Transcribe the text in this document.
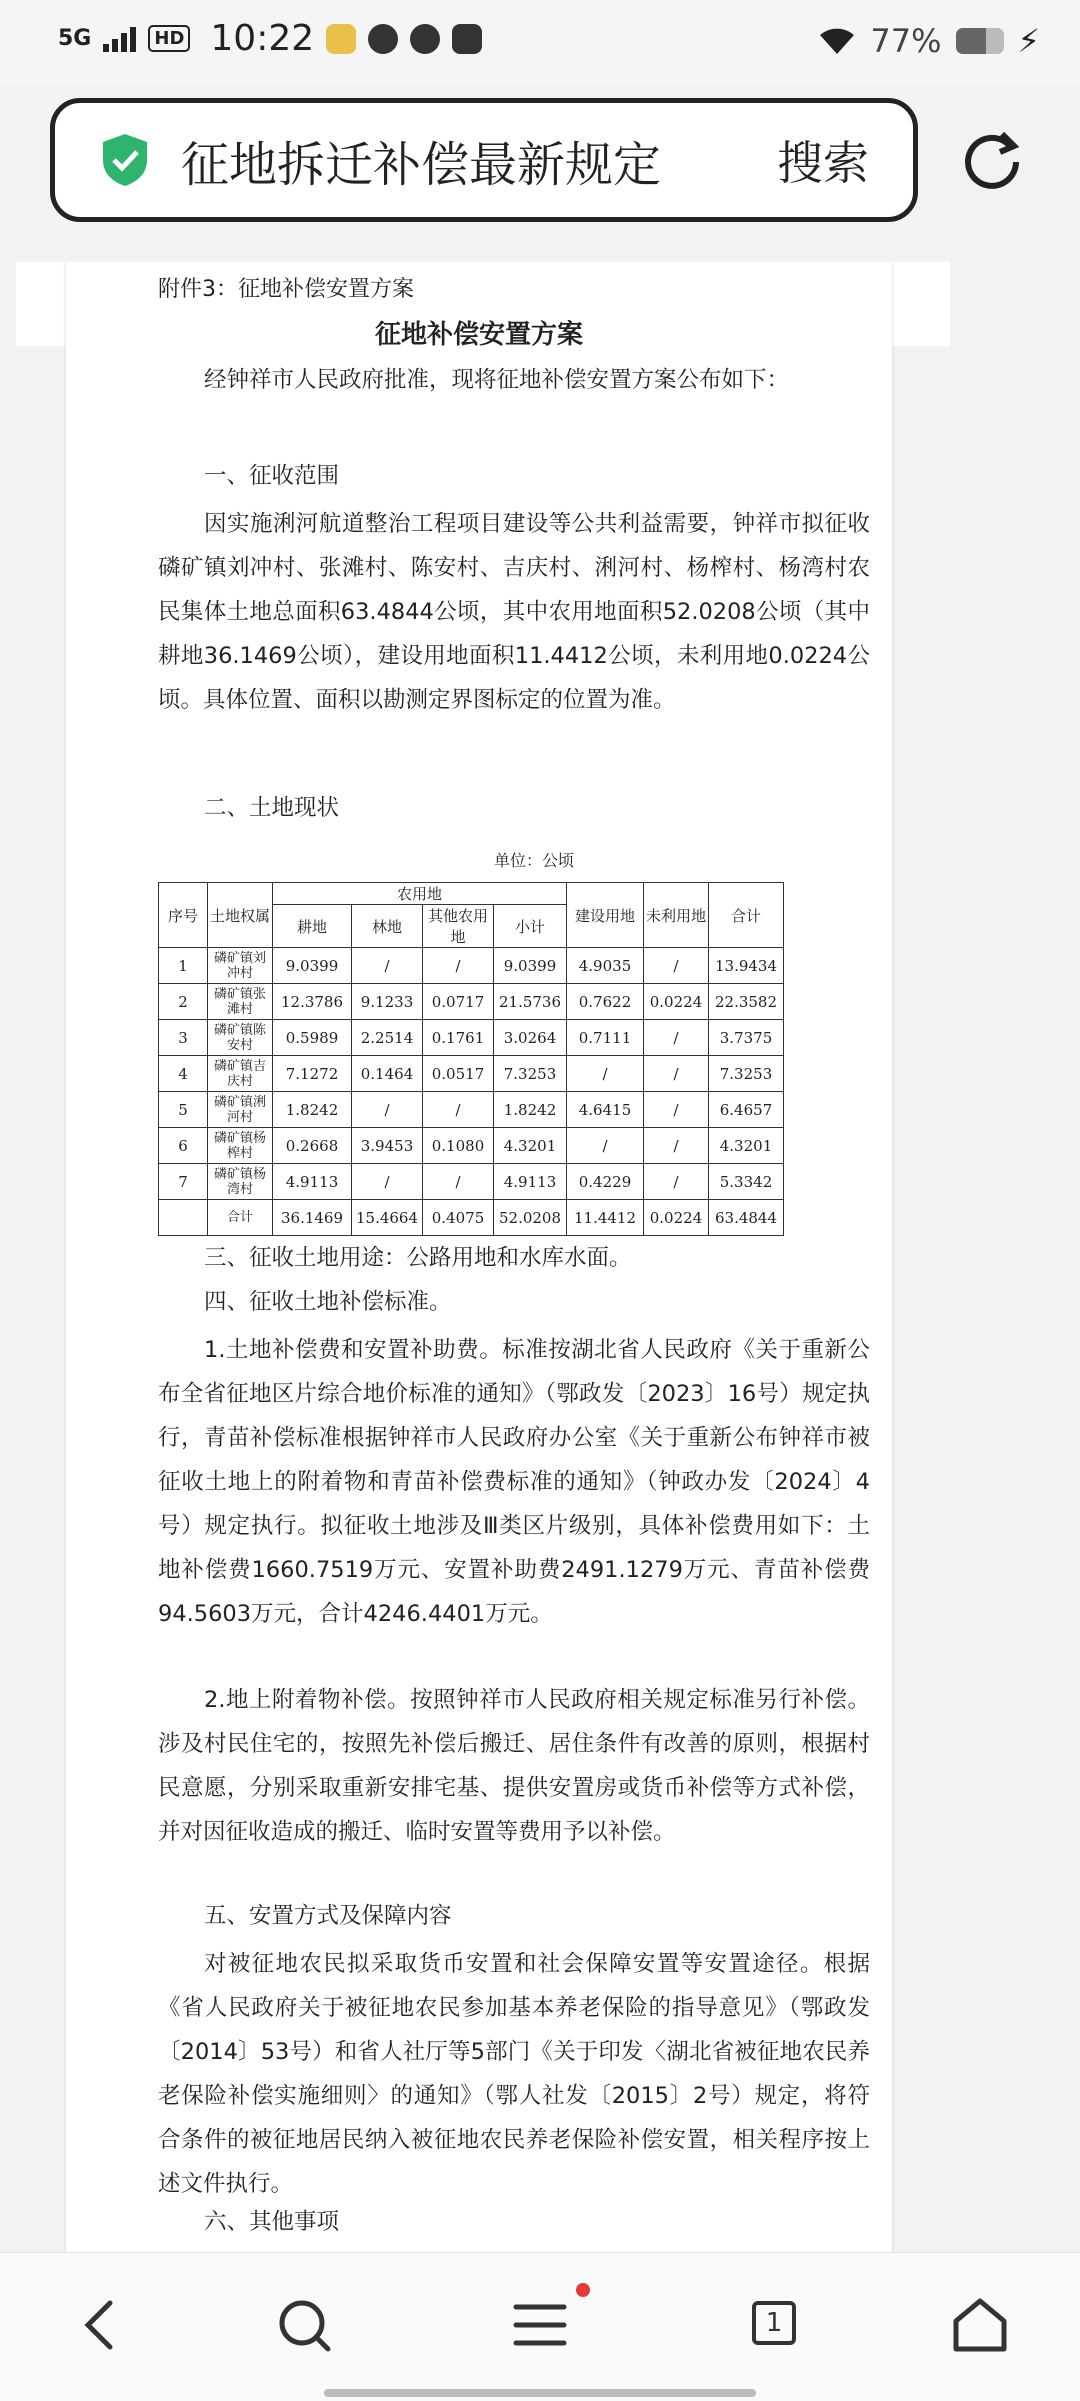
5G	HD 10:22	77% ⚡
征地拆迁补偿最新规定	搜索
附件3：征地补偿安置方案
征地补偿安置方案
经钟祥市人民政府批准，现将征地补偿安置方案公布如下：
一、征收范围
因实施浰河航道整治工程项目建设等公共利益需要，钟祥市拟征收磷矿镇刘冲村、张滩村、陈安村、吉庆村、浰河村、杨榨村、杨湾村农民集体土地总面积63.4844公顷，其中农用地面积52.0208公顷（其中耕地36.1469公顷），建设用地面积11.4412公顷，未利用地0.0224公顷。具体位置、面积以勘测定界图标定的位置为准。
二、土地现状
单位：公顷
序号	土地权属	农用地				建设用地	未利用地	合计
		耕地	林地	其他农用地	小计			
1	磷矿镇刘冲村	9.0399	/	/	9.0399	4.9035	/	13.9434
2	磷矿镇张滩村	12.3786	9.1233	0.0717	21.5736	0.7622	0.0224	22.3582
3	磷矿镇陈安村	0.5989	2.2514	0.1761	3.0264	0.7111	/	3.7375
4	磷矿镇吉庆村	7.1272	0.1464	0.0517	7.3253	/	/	7.3253
5	磷矿镇浰河村	1.8242	/	/	1.8242	4.6415	/	6.4657
6	磷矿镇杨榨村	0.2668	3.9453	0.1080	4.3201	/	/	4.3201
7	磷矿镇杨湾村	4.9113	/	/	4.9113	0.4229	/	5.3342
	合计	36.1469	15.4664	0.4075	52.0208	11.4412	0.0224	63.4844
三、征收土地用途：公路用地和水库水面。
四、征收土地补偿标准。
1.土地补偿费和安置补助费。标准按湖北省人民政府《关于重新公布全省征地区片综合地价标准的通知》（鄂政发〔2023〕16号）规定执行，青苗补偿标准根据钟祥市人民政府办公室《关于重新公布钟祥市被征收土地上的附着物和青苗补偿费标准的通知》（钟政办发〔2024〕4号）规定执行。拟征收土地涉及Ⅲ类区片级别，具体补偿费用如下：土地补偿费1660.7519万元、安置补助费2491.1279万元、青苗补偿费94.5603万元，合计4246.4401万元。
2.地上附着物补偿。按照钟祥市人民政府相关规定标准另行补偿。涉及村民住宅的，按照先补偿后搬迁、居住条件有改善的原则，根据村民意愿，分别采取重新安排宅基、提供安置房或货币补偿等方式补偿，并对因征收造成的搬迁、临时安置等费用予以补偿。
五、安置方式及保障内容
对被征地农民拟采取货币安置和社会保障安置等安置途径。根据《省人民政府关于被征地农民参加基本养老保险的指导意见》（鄂政发〔2014〕53号）和省人社厅等5部门《关于印发〈湖北省被征地农民养老保险补偿实施细则〉的通知》（鄂人社发〔2015〕2号）规定，将符合条件的被征地居民纳入被征地农民养老保险补偿安置，相关程序按上述文件执行。
六、其他事项
1
